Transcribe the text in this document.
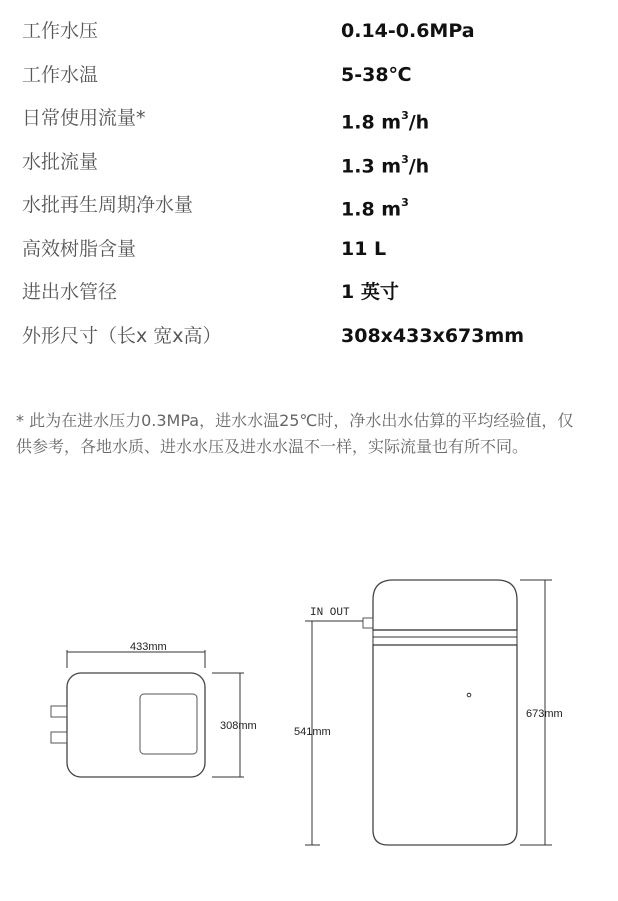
工作水压	0.14-0.6MPa
工作水温	5-38℃
日常使用流量*	1.8 $m^3/h$
水批流量	1.3 $m^3/h$
水批再生周期净水量	1.8 $m^3$
高效树脂含量	11 L
进出水管径	1 英寸
外形尺寸（长x 宽x高）	308x433x673mm
* 此为在进水压力0.3MPa，进水水温25℃时，净水出水估算的平均经验值，仅供参考，各地水质、进水水压及进水水温不一样，实际流量也有所不同。
433mm
308mm
IN OUT
541mm
673mm
